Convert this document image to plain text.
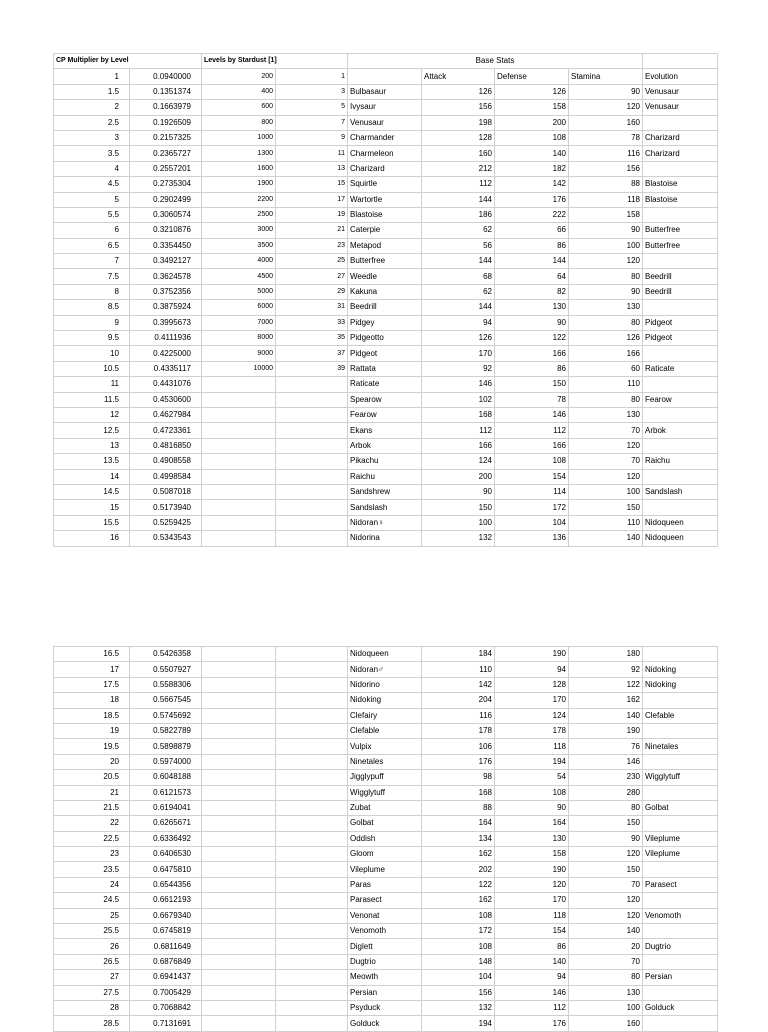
CP Multiplier by Level		Levels by Stardust [1]		Base Stats				
1	0.0940000	200	1		Attack	Defense	Stamina	Evolution
1.5	0.1351374	400	3	Bulbasaur	126	126	90	Venusaur
2	0.1663979	600	5	Ivysaur	156	158	120	Venusaur
2.5	0.1926509	800	7	Venusaur	198	200	160	
3	0.2157325	1000	9	Charmander	128	108	78	Charizard
3.5	0.2365727	1300	11	Charmeleon	160	140	116	Charizard
4	0.2557201	1600	13	Charizard	212	182	156	
4.5	0.2735304	1900	15	Squirtle	112	142	88	Blastoise
5	0.2902499	2200	17	Wartortle	144	176	118	Blastoise
5.5	0.3060574	2500	19	Blastoise	186	222	158	
6	0.3210876	3000	21	Caterpie	62	66	90	Butterfree
6.5	0.3354450	3500	23	Metapod	56	86	100	Butterfree
7	0.3492127	4000	25	Butterfree	144	144	120	
7.5	0.3624578	4500	27	Weedle	68	64	80	Beedrill
8	0.3752356	5000	29	Kakuna	62	82	90	Beedrill
8.5	0.3875924	6000	31	Beedrill	144	130	130	
9	0.3995673	7000	33	Pidgey	94	90	80	Pidgeot
9.5	0.4111936	8000	35	Pidgeotto	126	122	126	Pidgeot
10	0.4225000	9000	37	Pidgeot	170	166	166	
10.5	0.4335117	10000	39	Rattata	92	86	60	Raticate
11	0.4431076			Raticate	146	150	110	
11.5	0.4530600			Spearow	102	78	80	Fearow
12	0.4627984			Fearow	168	146	130	
12.5	0.4723361			Ekans	112	112	70	Arbok
13	0.4816850			Arbok	166	166	120	
13.5	0.4908558			Pikachu	124	108	70	Raichu
14	0.4998584			Raichu	200	154	120	
14.5	0.5087018			Sandshrew	90	114	100	Sandslash
15	0.5173940			Sandslash	150	172	150	
15.5	0.5259425			Nidoran♀	100	104	110	Nidoqueen
16	0.5343543			Nidorina	132	136	140	Nidoqueen
16.5	0.5426358			Nidoqueen	184	190	180	
17	0.5507927			Nidoran♂	110	94	92	Nidoking
17.5	0.5588306			Nidorino	142	128	122	Nidoking
18	0.5667545			Nidoking	204	170	162	
18.5	0.5745692			Clefairy	116	124	140	Clefable
19	0.5822789			Clefable	178	178	190	
19.5	0.5898879			Vulpix	106	118	76	Ninetales
20	0.5974000			Ninetales	176	194	146	
20.5	0.6048188			Jigglypuff	98	54	230	Wigglytuff
21	0.6121573			Wigglytuff	168	108	280	
21.5	0.6194041			Zubat	88	90	80	Golbat
22	0.6265671			Golbat	164	164	150	
22.5	0.6336492			Oddish	134	130	90	Vileplume
23	0.6406530			Gloom	162	158	120	Vileplume
23.5	0.6475810			Vileplume	202	190	150	
24	0.6544356			Paras	122	120	70	Parasect
24.5	0.6612193			Parasect	162	170	120	
25	0.6679340			Venonat	108	118	120	Venomoth
25.5	0.6745819			Venomoth	172	154	140	
26	0.6811649			Diglett	108	86	20	Dugtrio
26.5	0.6876849			Dugtrio	148	140	70	
27	0.6941437			Meowth	104	94	80	Persian
27.5	0.7005429			Persian	156	146	130	
28	0.7068842			Psyduck	132	112	100	Golduck
28.5	0.7131691			Golduck	194	176	160	
